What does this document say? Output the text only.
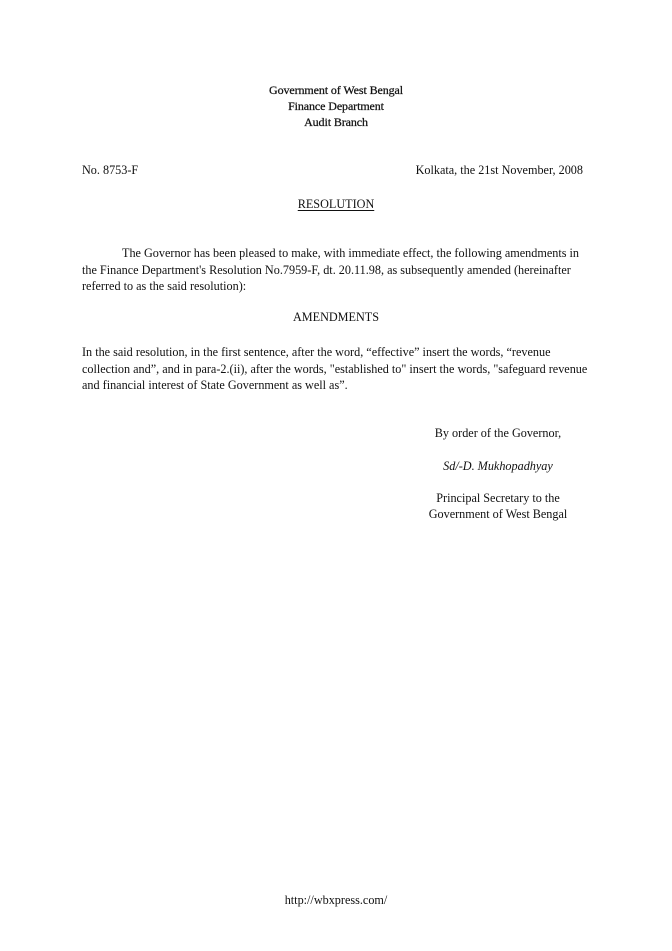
Government of West Bengal
Finance Department
Audit Branch
No. 8753-F	Kolkata, the 21st November, 2008
RESOLUTION
The Governor has been pleased to make, with immediate effect, the following amendments in the Finance Department's Resolution No.7959-F, dt. 20.11.98, as subsequently amended (hereinafter referred to as the said resolution):
AMENDMENTS
In the said resolution, in the first sentence, after the word, “effective” insert the words, “revenue collection and”, and in para-2.(ii), after the words, "established to" insert the words, "safeguard revenue and financial interest of State Government as well as”.
By order of the Governor,
Sd/-D. Mukhopadhyay
Principal Secretary to the
Government of West Bengal
http://wbxpress.com/
